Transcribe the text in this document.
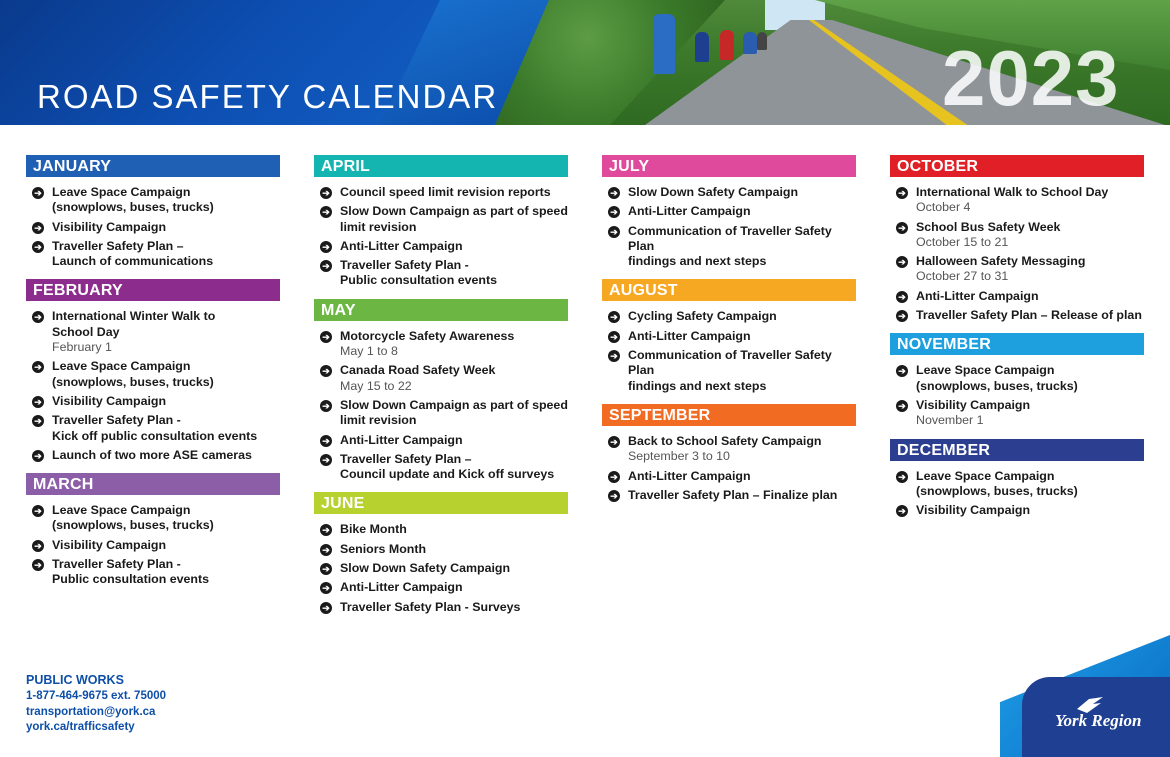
ROAD SAFETY CALENDAR	2023
JANUARY
➔ Leave Space Campaign
(snowplows, buses, trucks)
➔ Visibility Campaign
➔ Traveller Safety Plan –
Launch of communications
FEBRUARY
➔ International Winter Walk to
School Day
February 1
➔ Leave Space Campaign
(snowplows, buses, trucks)
➔ Visibility Campaign
➔ Traveller Safety Plan -
Kick off public consultation events
➔ Launch of two more ASE cameras
MARCH
➔ Leave Space Campaign
(snowplows, buses, trucks)
➔ Visibility Campaign
➔ Traveller Safety Plan -
Public consultation events
APRIL
➔ Council speed limit revision reports
➔ Slow Down Campaign as part of speed
limit revision
➔ Anti-Litter Campaign
➔ Traveller Safety Plan -
Public consultation events
MAY
➔ Motorcycle Safety Awareness
May 1 to 8
➔ Canada Road Safety Week
May 15 to 22
➔ Slow Down Campaign as part of speed
limit revision
➔ Anti-Litter Campaign
➔ Traveller Safety Plan –
Council update and Kick off surveys
JUNE
➔ Bike Month
➔ Seniors Month
➔ Slow Down Safety Campaign
➔ Anti-Litter Campaign
➔ Traveller Safety Plan - Surveys
JULY
➔ Slow Down Safety Campaign
➔ Anti-Litter Campaign
➔ Communication of Traveller Safety Plan
findings and next steps
AUGUST
➔ Cycling Safety Campaign
➔ Anti-Litter Campaign
➔ Communication of Traveller Safety Plan
findings and next steps
SEPTEMBER
➔ Back to School Safety Campaign
September 3 to 10
➔ Anti-Litter Campaign
➔ Traveller Safety Plan – Finalize plan
OCTOBER
➔ International Walk to School Day
October 4
➔ School Bus Safety Week
October 15 to 21
➔ Halloween Safety Messaging
October 27 to 31
➔ Anti-Litter Campaign
➔ Traveller Safety Plan – Release of plan
NOVEMBER
➔ Leave Space Campaign
(snowplows, buses, trucks)
➔ Visibility Campaign
November 1
DECEMBER
➔ Leave Space Campaign
(snowplows, buses, trucks)
➔ Visibility Campaign
PUBLIC WORKS
1-877-464-9675 ext. 75000
transportation@york.ca
york.ca/trafficsafety	York Region
